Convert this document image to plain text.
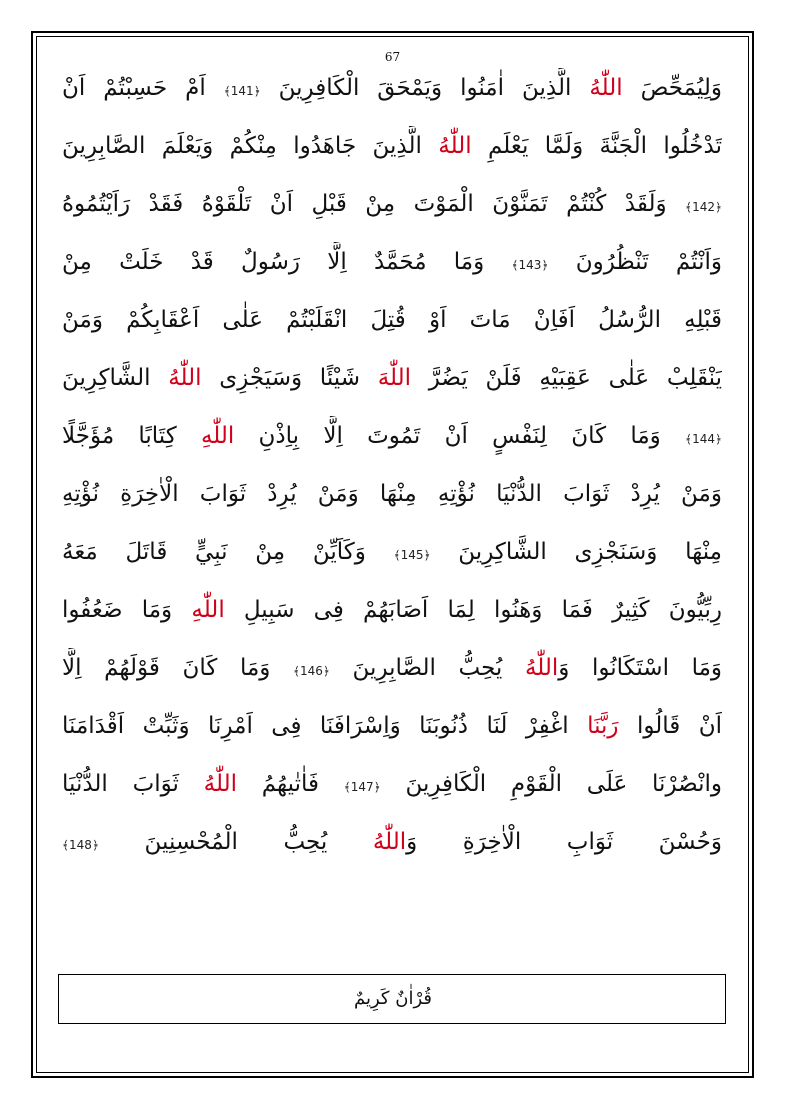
67
وَلِيُمَحِّصَ اللّٰهُ الَّذِينَ اٰمَنُوا وَيَمْحَقَ الْكَافِرِينَ ﴿141﴾ اَمْ حَسِبْتُمْ اَنْ
تَدْخُلُوا الْجَنَّةَ وَلَمَّا يَعْلَمِ اللّٰهُ الَّذِينَ جَاهَدُوا مِنْكُمْ وَيَعْلَمَ الصَّابِرِينَ
﴿142﴾ وَلَقَدْ كُنْتُمْ تَمَنَّوْنَ الْمَوْتَ مِنْ قَبْلِ اَنْ تَلْقَوْهُ فَقَدْ رَاَيْتُمُوهُ
وَاَنْتُمْ تَنْظُرُونَ ﴿143﴾ وَمَا مُحَمَّدٌ اِلَّا رَسُولٌ قَدْ خَلَتْ مِنْ
قَبْلِهِ الرُّسُلُ اَفَاِنْ مَاتَ اَوْ قُتِلَ انْقَلَبْتُمْ عَلٰى اَعْقَابِكُمْ وَمَنْ
يَنْقَلِبْ عَلٰى عَقِبَيْهِ فَلَنْ يَضُرَّ اللّٰهَ شَيْئًا وَسَيَجْزِى اللّٰهُ الشَّاكِرِينَ
﴿144﴾ وَمَا كَانَ لِنَفْسٍ اَنْ تَمُوتَ اِلَّا بِاِذْنِ اللّٰهِ كِتَابًا مُؤَجَّلًا
وَمَنْ يُرِدْ ثَوَابَ الدُّنْيَا نُؤْتِهِ مِنْهَا وَمَنْ يُرِدْ ثَوَابَ الْاٰخِرَةِ نُؤْتِهِ
مِنْهَا وَسَنَجْزِى الشَّاكِرِينَ ﴿145﴾ وَكَاَيِّنْ مِنْ نَبِيٍّ قَاتَلَ مَعَهُ
رِبِّيُّونَ كَثِيرٌ فَمَا وَهَنُوا لِمَا اَصَابَهُمْ فِى سَبِيلِ اللّٰهِ وَمَا ضَعُفُوا
وَمَا اسْتَكَانُوا وَاللّٰهُ يُحِبُّ الصَّابِرِينَ ﴿146﴾ وَمَا كَانَ قَوْلَهُمْ اِلَّا
اَنْ قَالُوا رَبَّنَا اغْفِرْ لَنَا ذُنُوبَنَا وَاِسْرَافَنَا فِى اَمْرِنَا وَثَبِّتْ اَقْدَامَنَا
وانْصُرْنَا عَلَى الْقَوْمِ الْكَافِرِينَ ﴿147﴾ فَاٰتٰيهُمُ اللّٰهُ ثَوَابَ الدُّنْيَا
وَحُسْنَ ثَوَابِ الْاٰخِرَةِ وَاللّٰهُ يُحِبُّ الْمُحْسِنِينَ ﴿148﴾
قُرْاٰنٌ كَرِيمٌ
